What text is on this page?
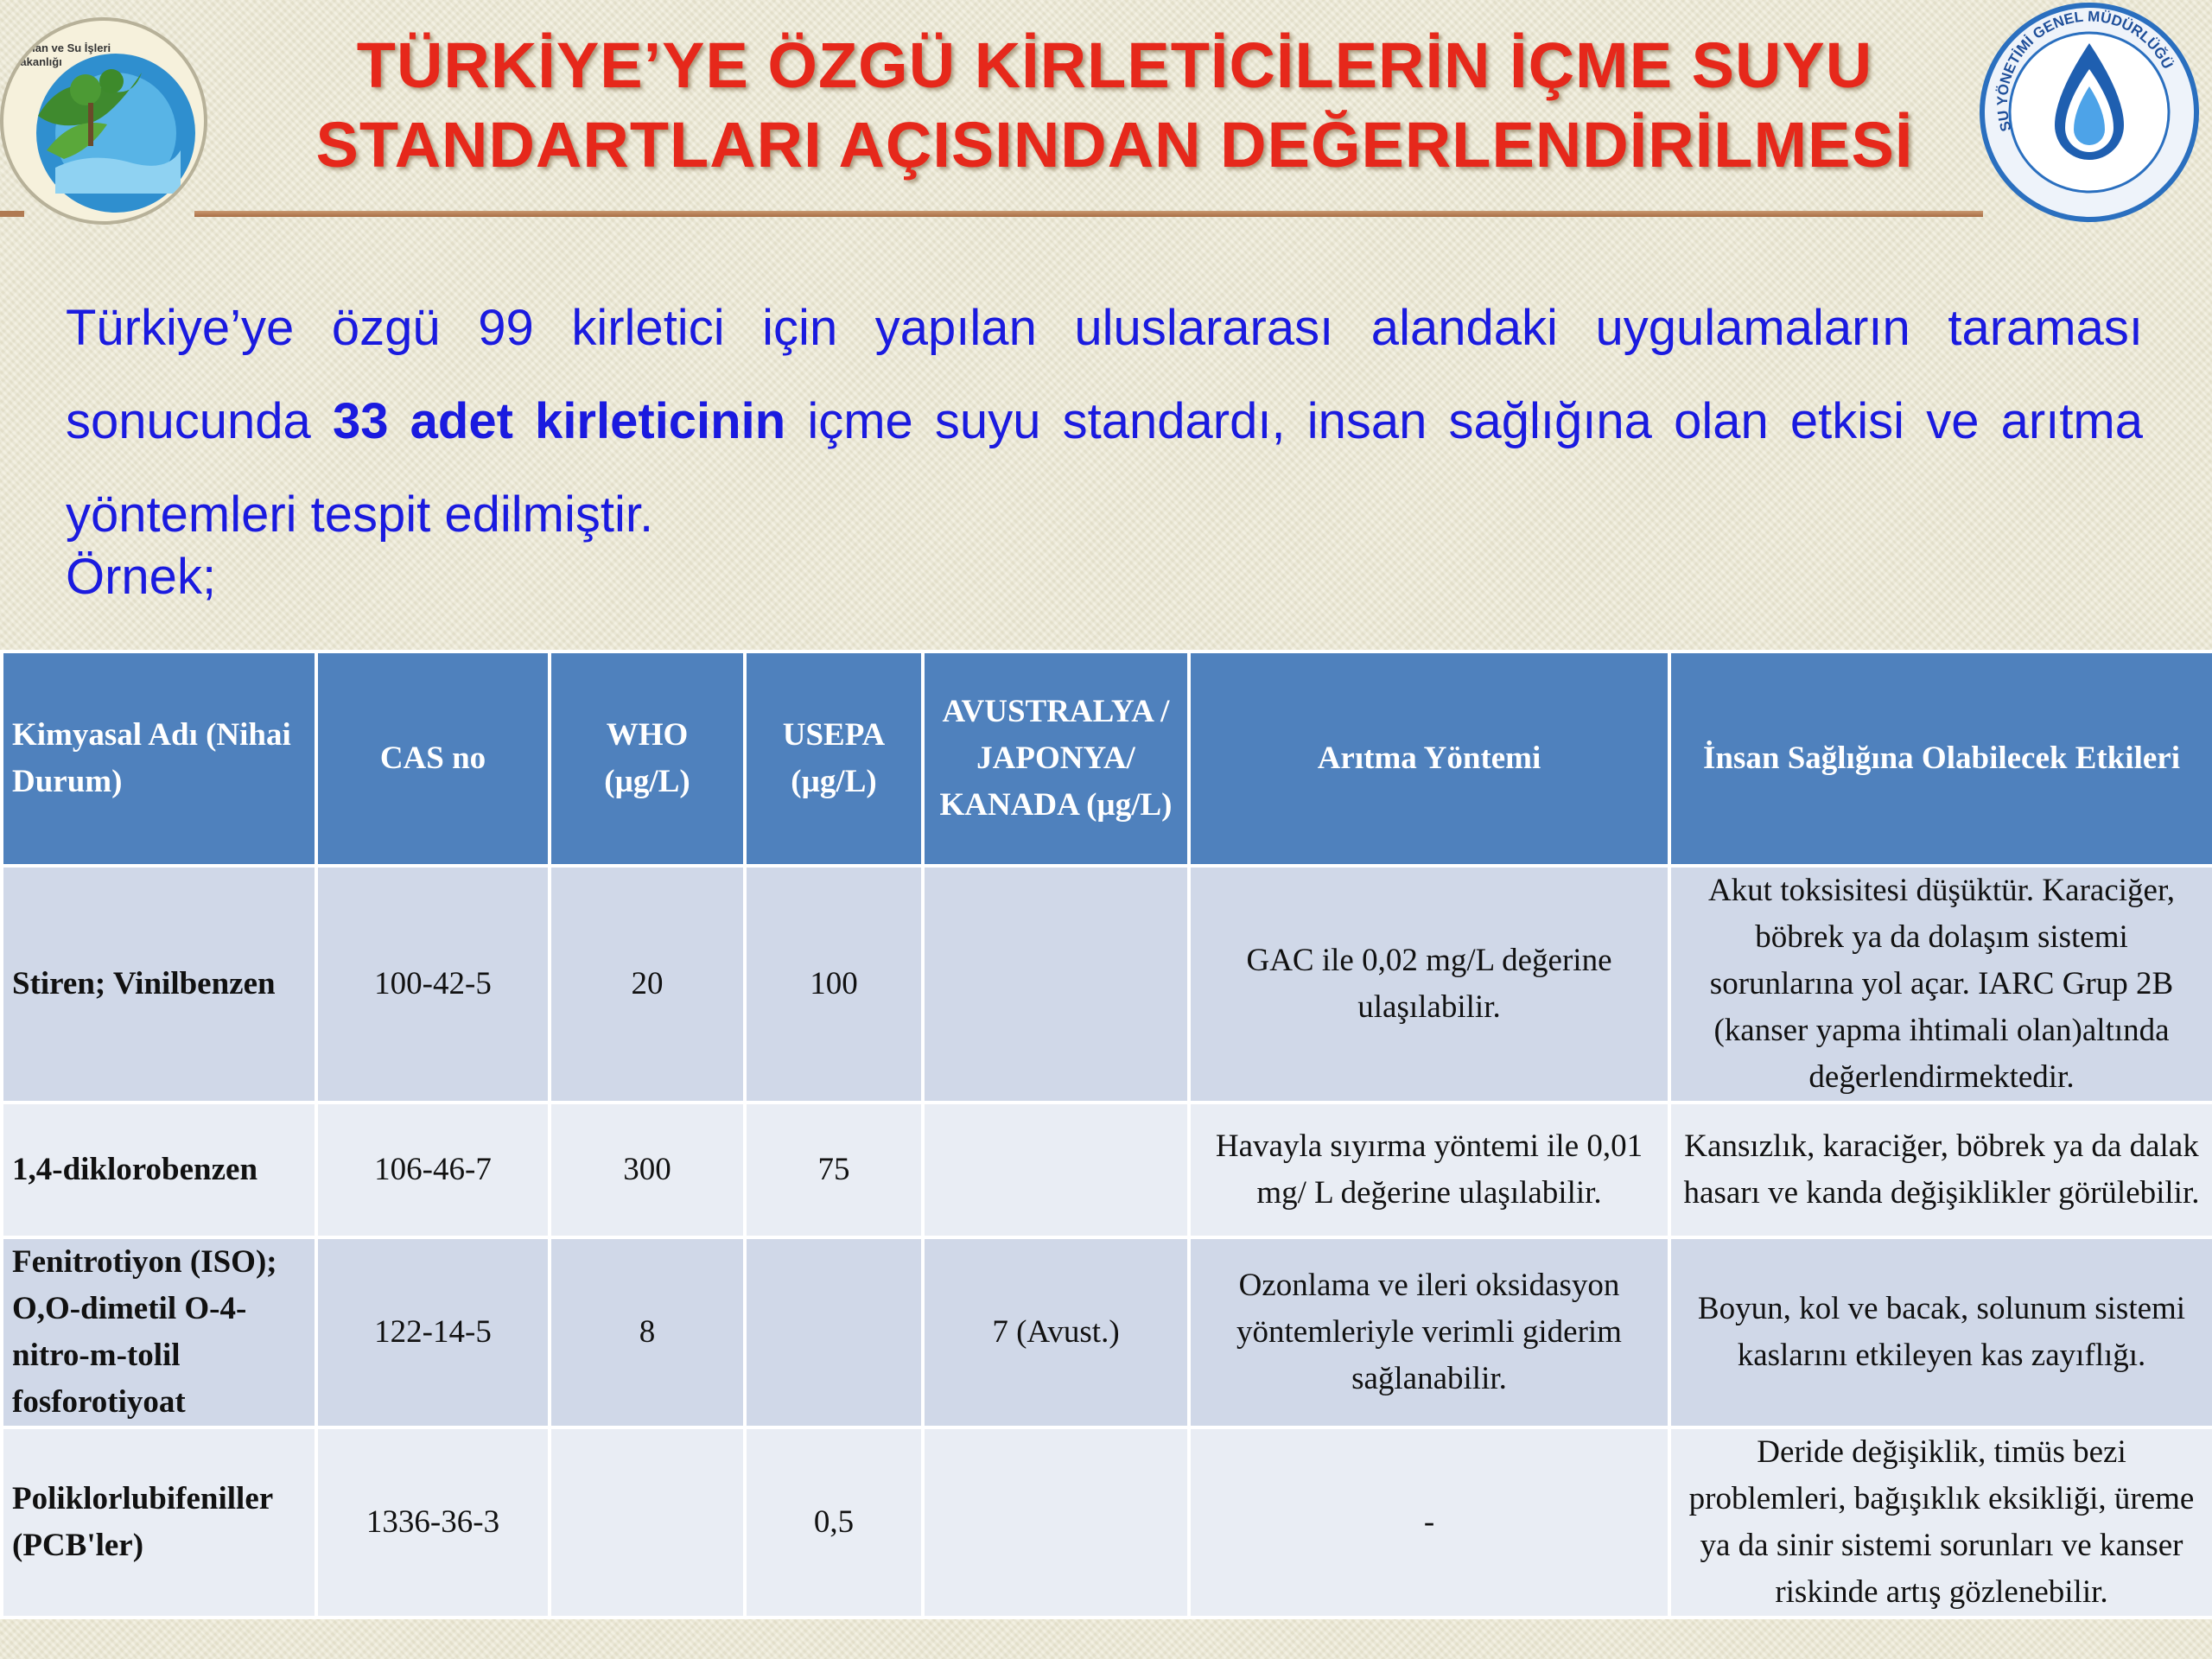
T.C.
Orman ve Su İşleri
Bakanlığı	TÜRKİYE’YE ÖZGÜ KİRLETİCİLERİN İÇME SUYU
STANDARTLARI AÇISINDAN DEĞERLENDİRİLMESİ	SU YÖNETİMİ GENEL MÜDÜRLÜĞÜ
Türkiye’ye özgü 99 kirletici için yapılan uluslararası alandaki uygulamaların taraması sonucunda 33 adet kirleticinin içme suyu standardı, insan sağlığına olan etkisi ve arıtma yöntemleri tespit edilmiştir.
Örnek;
Kimyasal Adı (Nihai Durum)	CAS no	WHO (µg/L)	USEPA (µg/L)	AVUSTRALYA / JAPONYA/ KANADA (µg/L)	Arıtma Yöntemi	İnsan Sağlığına Olabilecek Etkileri
Stiren; Vinilbenzen	100-42-5	20	100		GAC ile 0,02 mg/L değerine ulaşılabilir.	Akut toksisitesi düşüktür. Karaciğer, böbrek ya da dolaşım sistemi sorunlarına yol açar. IARC Grup 2B (kanser yapma ihtimali olan)altında değerlendirmektedir.
1,4-diklorobenzen	106-46-7	300	75		Havayla sıyırma yöntemi ile 0,01 mg/ L değerine ulaşılabilir.	Kansızlık, karaciğer, böbrek ya da dalak hasarı ve kanda değişiklikler görülebilir.
Fenitrotiyon (ISO); O,O-dimetil O-4-nitro-m-tolil fosforotiyoat	122-14-5	8		7 (Avust.)	Ozonlama ve ileri oksidasyon yöntemleriyle verimli giderim sağlanabilir.	Boyun, kol ve bacak, solunum sistemi kaslarını etkileyen kas zayıflığı.
Poliklorlubifeniller (PCB'ler)	1336-36-3		0,5		-	Deride değişiklik, timüs bezi problemleri, bağışıklık eksikliği, üreme ya da sinir sistemi sorunları ve kanser riskinde artış gözlenebilir.
